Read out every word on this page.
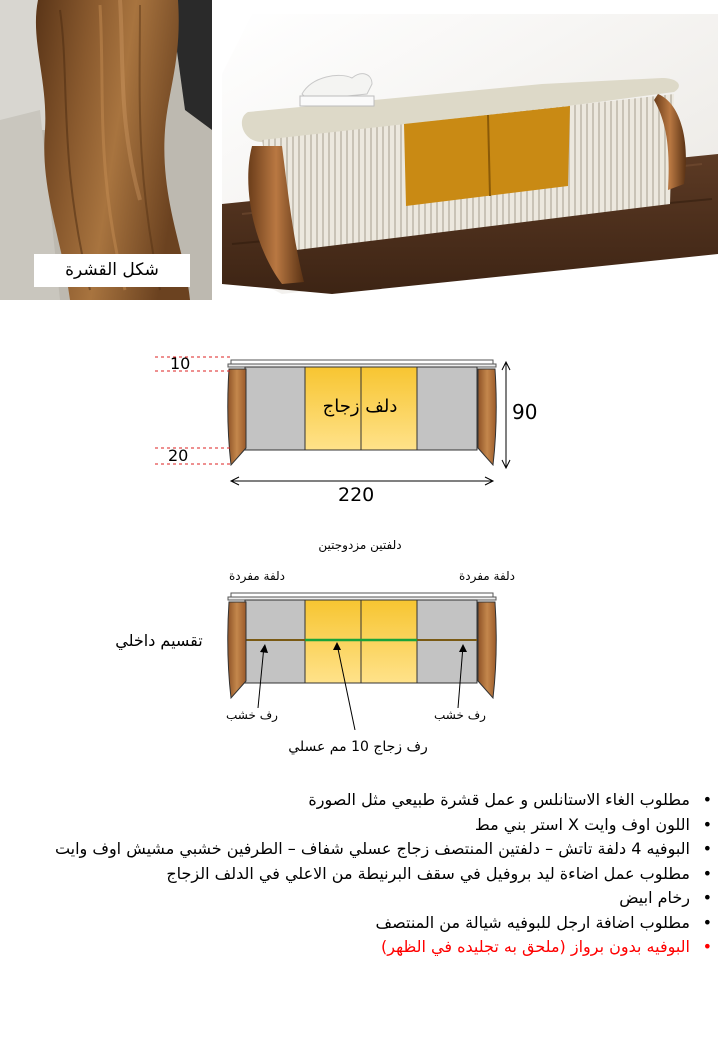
شكل القشرة
10
20
90
220
دلف زجاج
دلفتين مزدوجتين
دلفة مفردة	دلفة مفردة
تقسيم داخلي
رف خشب	رف خشب
رف زجاج 10 مم عسلي
• مطلوب الغاء الاستانلس و عمل قشرة طبيعي مثل الصورة
• اللون اوف وايت X استر بني مط
• البوفيه 4 دلفة تاتش – دلفتين المنتصف زجاج عسلي شفاف – الطرفين خشبي مشيش اوف وايت
• مطلوب عمل اضاءة ليد بروفيل في سقف البرنيطة من الاعلي في الدلف الزجاج
• رخام ابيض
• مطلوب اضافة ارجل للبوفيه شيالة من المنتصف
• البوفيه بدون برواز (ملحق به تجليده في الظهر)
